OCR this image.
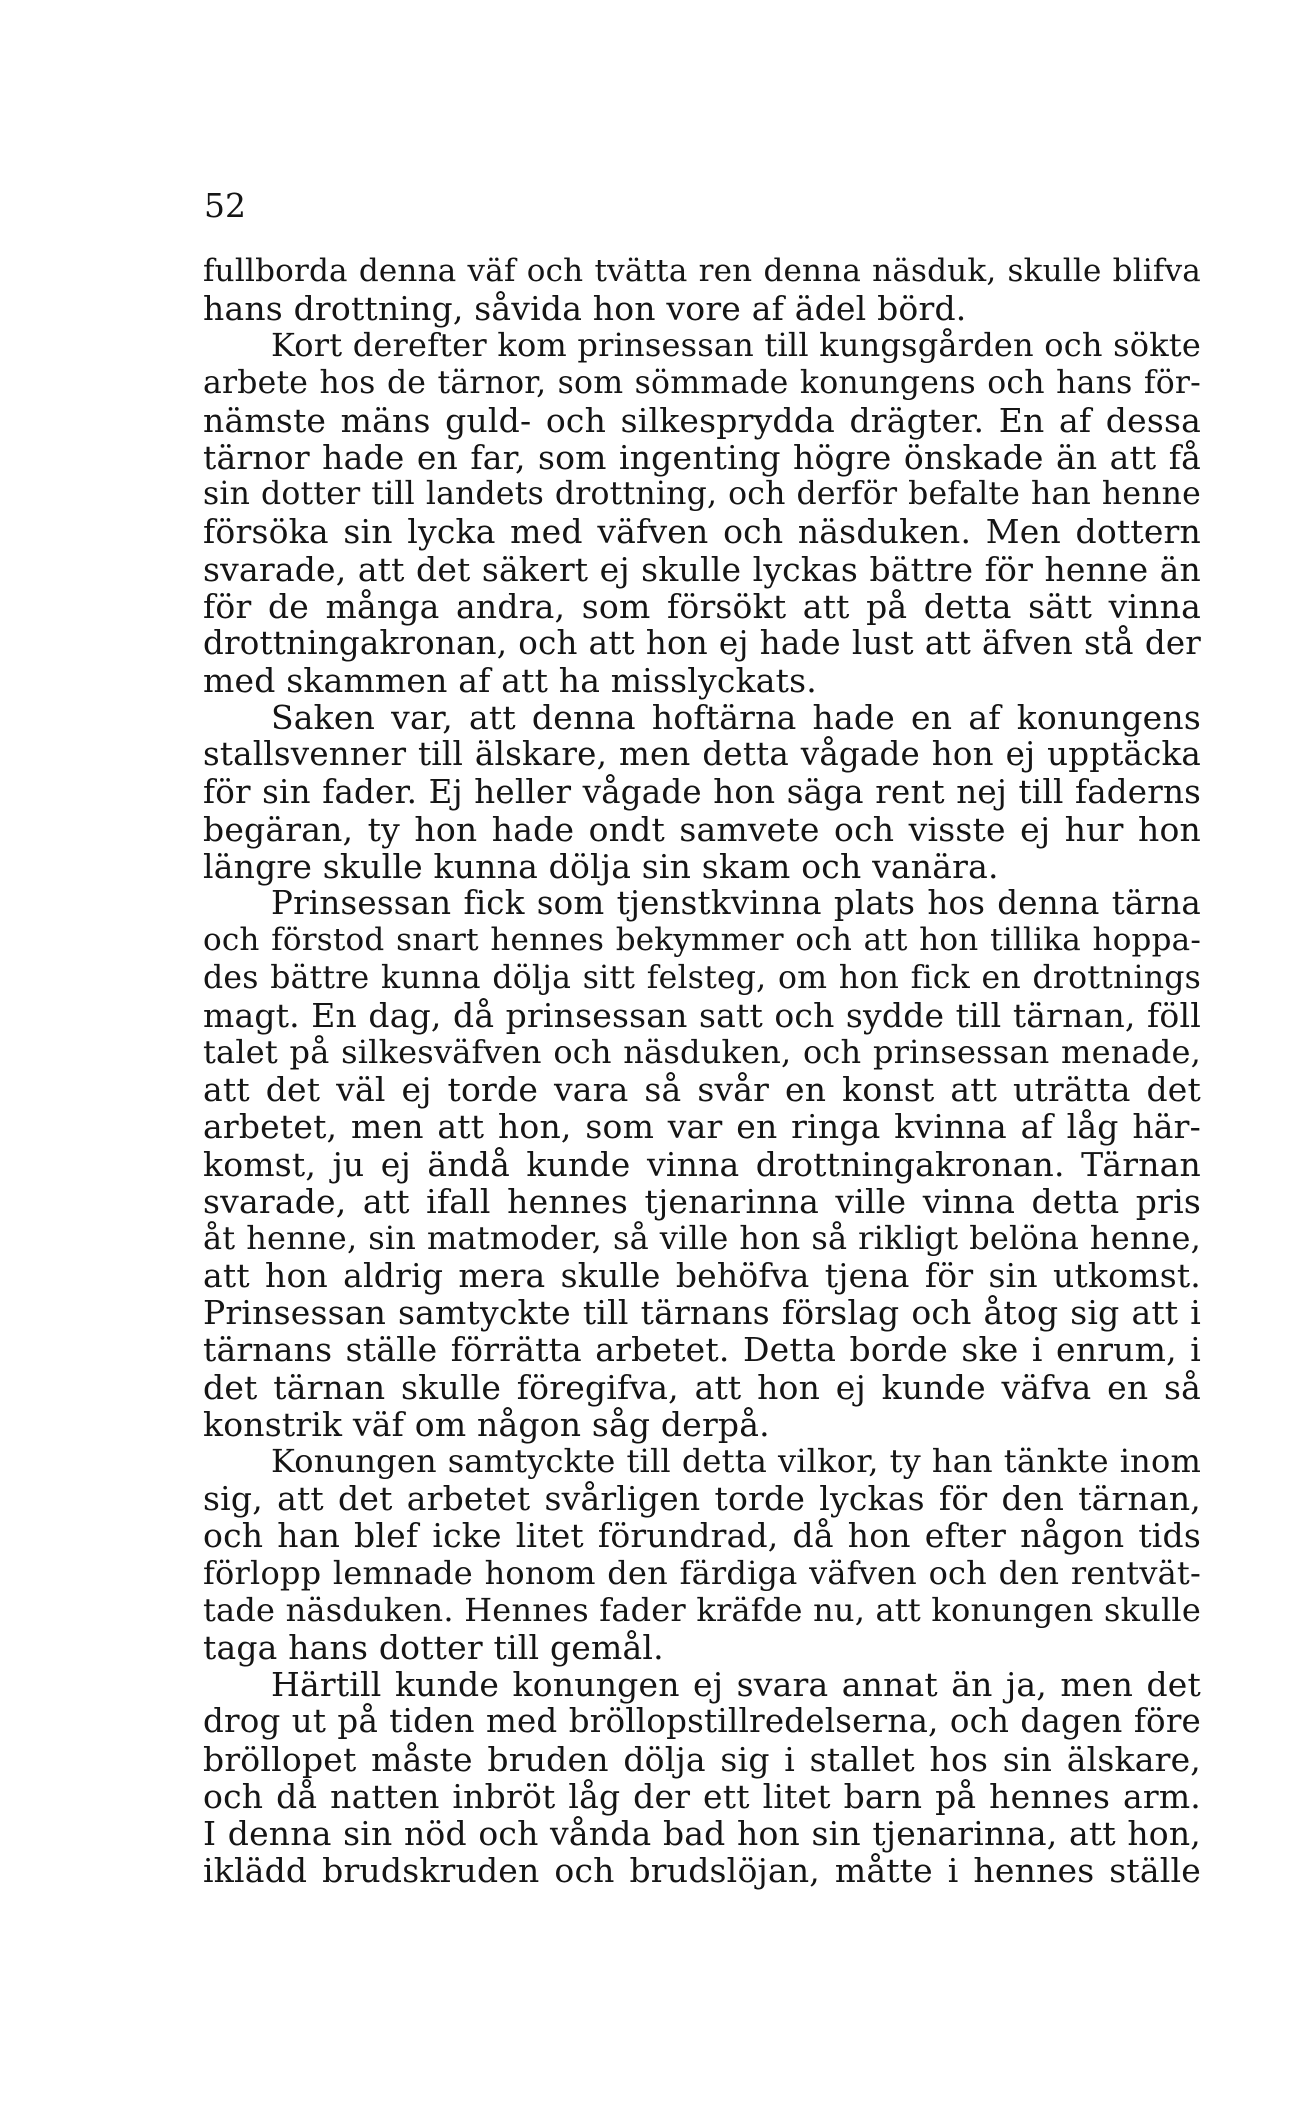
52
fullborda denna väf och tvätta ren denna näsduk, skulle blifva
hans drottning, såvida hon vore af ädel börd.
Kort derefter kom prinsessan till kungsgården och sökte
arbete hos de tärnor, som sömmade konungens och hans för-
nämste mäns guld- och silkesprydda drägter. En af dessa
tärnor hade en far, som ingenting högre önskade än att få
sin dotter till landets drottning, och derför befalte han henne
försöka sin lycka med väfven och näsduken. Men dottern
svarade, att det säkert ej skulle lyckas bättre för henne än
för de många andra, som försökt att på detta sätt vinna
drottningakronan, och att hon ej hade lust att äfven stå der
med skammen af att ha misslyckats.
Saken var, att denna hoftärna hade en af konungens
stallsvenner till älskare, men detta vågade hon ej upptäcka
för sin fader. Ej heller vågade hon säga rent nej till faderns
begäran, ty hon hade ondt samvete och visste ej hur hon
längre skulle kunna dölja sin skam och vanära.
Prinsessan fick som tjenstkvinna plats hos denna tärna
och förstod snart hennes bekymmer och att hon tillika hoppa-
des bättre kunna dölja sitt felsteg, om hon fick en drottnings
magt. En dag, då prinsessan satt och sydde till tärnan, föll
talet på silkesväfven och näsduken, och prinsessan menade,
att det väl ej torde vara så svår en konst att uträtta det
arbetet, men att hon, som var en ringa kvinna af låg här-
komst, ju ej ändå kunde vinna drottningakronan. Tärnan
svarade, att ifall hennes tjenarinna ville vinna detta pris
åt henne, sin matmoder, så ville hon så rikligt belöna henne,
att hon aldrig mera skulle behöfva tjena för sin utkomst.
Prinsessan samtyckte till tärnans förslag och åtog sig att i
tärnans ställe förrätta arbetet. Detta borde ske i enrum, i
det tärnan skulle föregifva, att hon ej kunde väfva en så
konstrik väf om någon såg derpå.
Konungen samtyckte till detta vilkor, ty han tänkte inom
sig, att det arbetet svårligen torde lyckas för den tärnan,
och han blef icke litet förundrad, då hon efter någon tids
förlopp lemnade honom den färdiga väfven och den rentvät-
tade näsduken. Hennes fader kräfde nu, att konungen skulle
taga hans dotter till gemål.
Härtill kunde konungen ej svara annat än ja, men det
drog ut på tiden med bröllopstillredelserna, och dagen före
bröllopet måste bruden dölja sig i stallet hos sin älskare,
och då natten inbröt låg der ett litet barn på hennes arm.
I denna sin nöd och vånda bad hon sin tjenarinna, att hon,
iklädd brudskruden och brudslöjan, måtte i hennes ställe
